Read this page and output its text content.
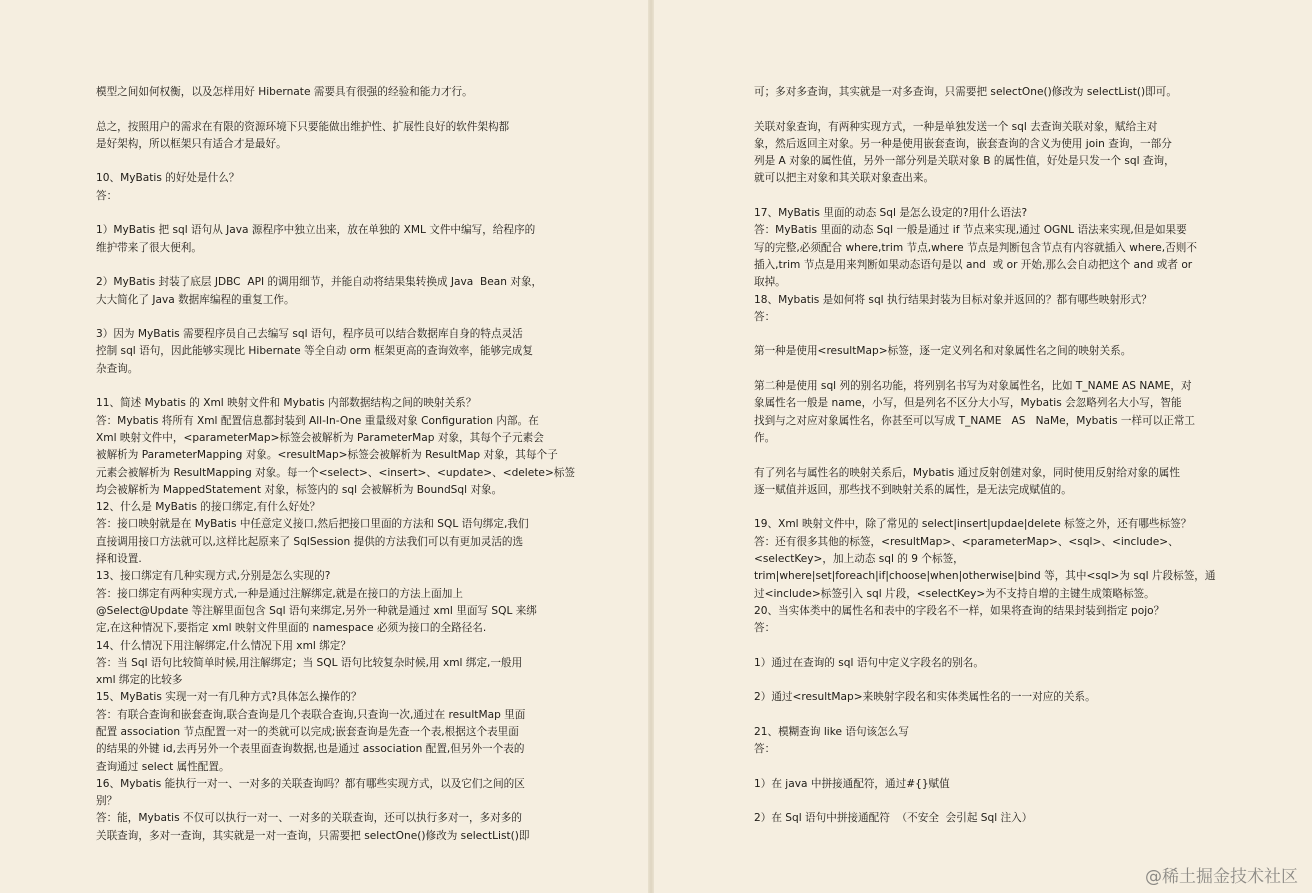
模型之间如何权衡，以及怎样用好 Hibernate 需要具有很强的经验和能力才行。
总之，按照用户的需求在有限的资源环境下只要能做出维护性、扩展性良好的软件架构都
是好架构，所以框架只有适合才是最好。
10、MyBatis 的好处是什么？
答：
1）MyBatis 把 sql 语句从 Java 源程序中独立出来，放在单独的 XML 文件中编写，给程序的
维护带来了很大便利。
2）MyBatis 封装了底层 JDBC  API 的调用细节，并能自动将结果集转换成 Java  Bean 对象，
大大简化了 Java 数据库编程的重复工作。
3）因为 MyBatis 需要程序员自己去编写 sql 语句，程序员可以结合数据库自身的特点灵活
控制 sql 语句，因此能够实现比 Hibernate 等全自动 orm 框架更高的查询效率，能够完成复
杂查询。
11、简述 Mybatis 的 Xml 映射文件和 Mybatis 内部数据结构之间的映射关系？
答：Mybatis 将所有 Xml 配置信息都封装到 All-In-One 重量级对象 Configuration 内部。在
Xml 映射文件中，<parameterMap>标签会被解析为 ParameterMap 对象，其每个子元素会
被解析为 ParameterMapping 对象。<resultMap>标签会被解析为 ResultMap 对象，其每个子
元素会被解析为 ResultMapping 对象。每一个<select>、<insert>、<update>、<delete>标签
均会被解析为 MappedStatement 对象，标签内的 sql 会被解析为 BoundSql 对象。
12、什么是 MyBatis 的接口绑定,有什么好处？
答：接口映射就是在 MyBatis 中任意定义接口,然后把接口里面的方法和 SQL 语句绑定,我们
直接调用接口方法就可以,这样比起原来了 SqlSession 提供的方法我们可以有更加灵活的选
择和设置.
13、接口绑定有几种实现方式,分别是怎么实现的?
答：接口绑定有两种实现方式,一种是通过注解绑定,就是在接口的方法上面加上
@Select@Update 等注解里面包含 Sql 语句来绑定,另外一种就是通过 xml 里面写 SQL 来绑
定,在这种情况下,要指定 xml 映射文件里面的 namespace 必须为接口的全路径名.
14、什么情况下用注解绑定,什么情况下用 xml 绑定？
答：当 Sql 语句比较简单时候,用注解绑定；当 SQL 语句比较复杂时候,用 xml 绑定,一般用
xml 绑定的比较多
15、MyBatis 实现一对一有几种方式?具体怎么操作的？
答：有联合查询和嵌套查询,联合查询是几个表联合查询,只查询一次,通过在 resultMap 里面
配置 association 节点配置一对一的类就可以完成;嵌套查询是先查一个表,根据这个表里面
的结果的外键 id,去再另外一个表里面查询数据,也是通过 association 配置,但另外一个表的
查询通过 select 属性配置。
16、Mybatis 能执行一对一、一对多的关联查询吗？都有哪些实现方式，以及它们之间的区
别？
答：能，Mybatis 不仅可以执行一对一、一对多的关联查询，还可以执行多对一，多对多的
关联查询，多对一查询，其实就是一对一查询，只需要把 selectOne()修改为 selectList()即
可；多对多查询，其实就是一对多查询，只需要把 selectOne()修改为 selectList()即可。
关联对象查询，有两种实现方式，一种是单独发送一个 sql 去查询关联对象，赋给主对
象，然后返回主对象。另一种是使用嵌套查询，嵌套查询的含义为使用 join 查询，一部分
列是 A 对象的属性值，另外一部分列是关联对象 B 的属性值，好处是只发一个 sql 查询，
就可以把主对象和其关联对象查出来。
17、MyBatis 里面的动态 Sql 是怎么设定的?用什么语法?
答：MyBatis 里面的动态 Sql 一般是通过 if 节点来实现,通过 OGNL 语法来实现,但是如果要
写的完整,必须配合 where,trim 节点,where 节点是判断包含节点有内容就插入 where,否则不
插入,trim 节点是用来判断如果动态语句是以 and  或 or 开始,那么会自动把这个 and 或者 or
取掉。
18、Mybatis 是如何将 sql 执行结果封装为目标对象并返回的？都有哪些映射形式？
答：
第一种是使用<resultMap>标签，逐一定义列名和对象属性名之间的映射关系。
第二种是使用 sql 列的别名功能，将列别名书写为对象属性名，比如 T_NAME AS NAME，对
象属性名一般是 name，小写，但是列名不区分大小写，Mybatis 会忽略列名大小写，智能
找到与之对应对象属性名，你甚至可以写成 T_NAME   AS   NaMe，Mybatis 一样可以正常工
作。
有了列名与属性名的映射关系后，Mybatis 通过反射创建对象，同时使用反射给对象的属性
逐一赋值并返回，那些找不到映射关系的属性，是无法完成赋值的。
19、Xml 映射文件中，除了常见的 select|insert|updae|delete 标签之外，还有哪些标签？
答：还有很多其他的标签，<resultMap>、<parameterMap>、<sql>、<include>、
<selectKey>，加上动态 sql 的 9 个标签，
trim|where|set|foreach|if|choose|when|otherwise|bind 等，其中<sql>为 sql 片段标签，通
过<include>标签引入 sql 片段，<selectKey>为不支持自增的主键生成策略标签。
20、当实体类中的属性名和表中的字段名不一样，如果将查询的结果封装到指定 pojo？
答：
1）通过在查询的 sql 语句中定义字段名的别名。
2）通过<resultMap>来映射字段名和实体类属性名的一一对应的关系。
21、模糊查询 like 语句该怎么写
答：
1）在 java 中拼接通配符，通过#{}赋值
2）在 Sql 语句中拼接通配符  （不安全  会引起 Sql 注入）
@稀土掘金技术社区
